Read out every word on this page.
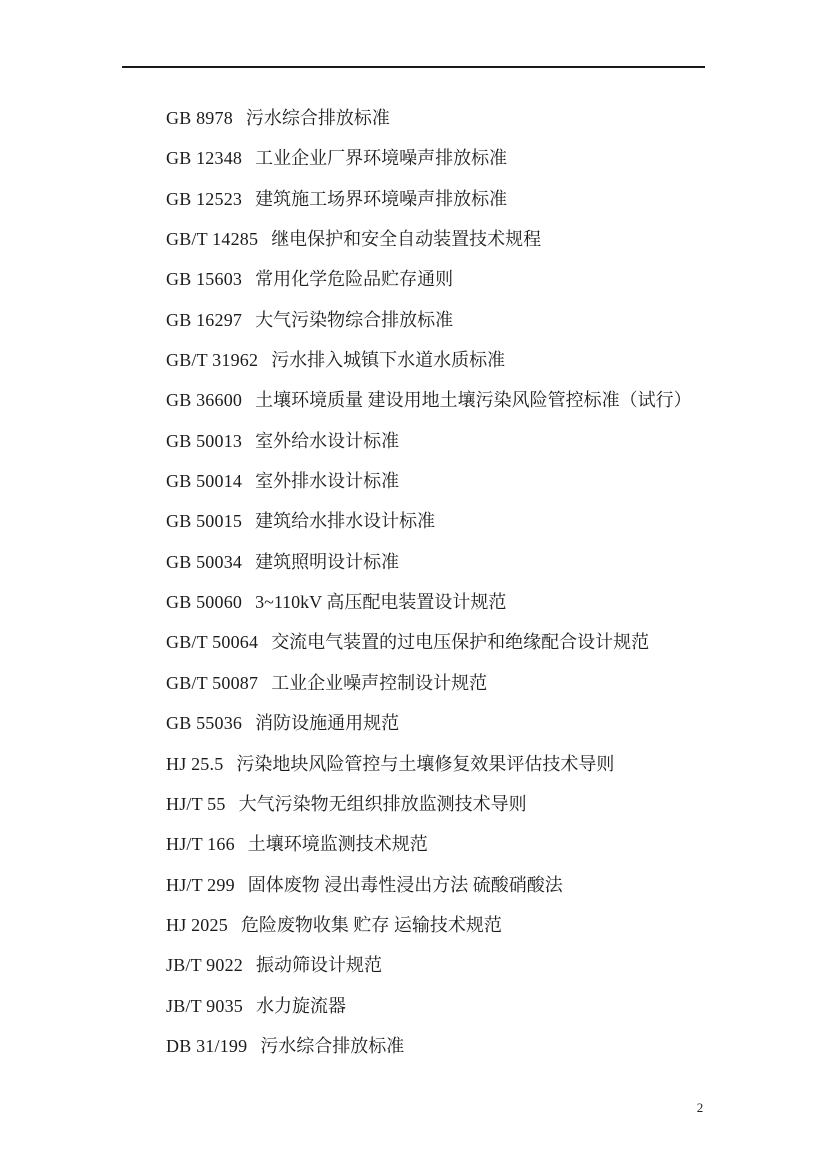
GB 8978 污水综合排放标准
GB 12348 工业企业厂界环境噪声排放标准
GB 12523 建筑施工场界环境噪声排放标准
GB/T 14285 继电保护和安全自动装置技术规程
GB 15603 常用化学危险品贮存通则
GB 16297 大气污染物综合排放标准
GB/T 31962 污水排入城镇下水道水质标准
GB 36600 土壤环境质量 建设用地土壤污染风险管控标准（试行）
GB 50013 室外给水设计标准
GB 50014 室外排水设计标准
GB 50015 建筑给水排水设计标准
GB 50034 建筑照明设计标准
GB 50060 3~110kV 高压配电装置设计规范
GB/T 50064 交流电气装置的过电压保护和绝缘配合设计规范
GB/T 50087 工业企业噪声控制设计规范
GB 55036 消防设施通用规范
HJ 25.5 污染地块风险管控与土壤修复效果评估技术导则
HJ/T 55 大气污染物无组织排放监测技术导则
HJ/T 166 土壤环境监测技术规范
HJ/T 299 固体废物 浸出毒性浸出方法 硫酸硝酸法
HJ 2025 危险废物收集 贮存 运输技术规范
JB/T 9022 振动筛设计规范
JB/T 9035 水力旋流器
DB 31/199 污水综合排放标准
2
